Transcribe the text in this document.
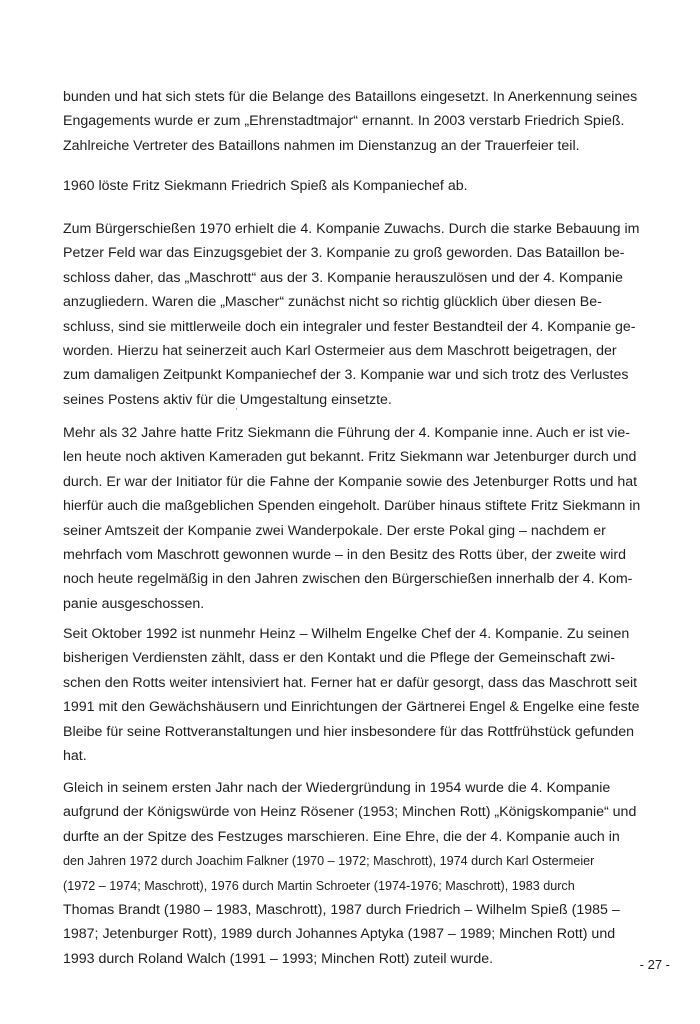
bunden und hat sich stets für die Belange des Bataillons eingesetzt. In Anerkennung seines
Engagements wurde er zum „Ehrenstadtmajor“ ernannt. In 2003 verstarb Friedrich Spieß.
Zahlreiche Vertreter des Bataillons nahmen im Dienstanzug an der Trauerfeier teil.
1960 löste Fritz Siekmann Friedrich Spieß als Kompaniechef ab.
Zum Bürgerschießen 1970 erhielt die 4. Kompanie Zuwachs. Durch die starke Bebauung im
Petzer Feld war das Einzugsgebiet der 3. Kompanie zu groß geworden. Das Bataillon be-
schloss daher, das „Maschrott“ aus der 3. Kompanie herauszulösen und der 4. Kompanie
anzugliedern. Waren die „Mascher“ zunächst nicht so richtig glücklich über diesen Be-
schluss, sind sie mittlerweile doch ein integraler und fester Bestandteil der 4. Kompanie ge-
worden. Hierzu hat seinerzeit auch Karl Ostermeier aus dem Maschrott beigetragen, der
zum damaligen Zeitpunkt Kompaniechef der 3. Kompanie war und sich trotz des Verlustes
seines Postens aktiv für die Umgestaltung einsetzte.
Mehr als 32 Jahre hatte Fritz Siekmann die Führung der 4. Kompanie inne. Auch er ist vie-
len heute noch aktiven Kameraden gut bekannt. Fritz Siekmann war Jetenburger durch und
durch. Er war der Initiator für die Fahne der Kompanie sowie des Jetenburger Rotts und hat
hierfür auch die maßgeblichen Spenden eingeholt. Darüber hinaus stiftete Fritz Siekmann in
seiner Amtszeit der Kompanie zwei Wanderpokale. Der erste Pokal ging – nachdem er
mehrfach vom Maschrott gewonnen wurde – in den Besitz des Rotts über, der zweite wird
noch heute regelmäßig in den Jahren zwischen den Bürgerschießen innerhalb der 4. Kom-
panie ausgeschossen.
Seit Oktober 1992 ist nunmehr Heinz – Wilhelm Engelke Chef der 4. Kompanie. Zu seinen
bisherigen Verdiensten zählt, dass er den Kontakt und die Pflege der Gemeinschaft zwi-
schen den Rotts weiter intensiviert hat. Ferner hat er dafür gesorgt, dass das Maschrott seit
1991 mit den Gewächshäusern und Einrichtungen der Gärtnerei Engel & Engelke eine feste
Bleibe für seine Rottveranstaltungen und hier insbesondere für das Rottfrühstück gefunden
hat.
Gleich in seinem ersten Jahr nach der Wiedergründung in 1954 wurde die 4. Kompanie
aufgrund der Königswürde von Heinz Rösener (1953; Minchen Rott) „Königskompanie“ und
durfte an der Spitze des Festzuges marschieren. Eine Ehre, die der 4. Kompanie auch in
den Jahren 1972 durch Joachim Falkner (1970 – 1972; Maschrott), 1974 durch Karl Ostermeier
(1972 – 1974; Maschrott), 1976 durch Martin Schroeter (1974-1976; Maschrott), 1983 durch
Thomas Brandt (1980 – 1983, Maschrott), 1987 durch Friedrich – Wilhelm Spieß (1985 –
1987; Jetenburger Rott), 1989 durch Johannes Aptyka (1987 – 1989; Minchen Rott) und
1993 durch Roland Walch (1991 – 1993; Minchen Rott) zuteil wurde.	- 27 -
